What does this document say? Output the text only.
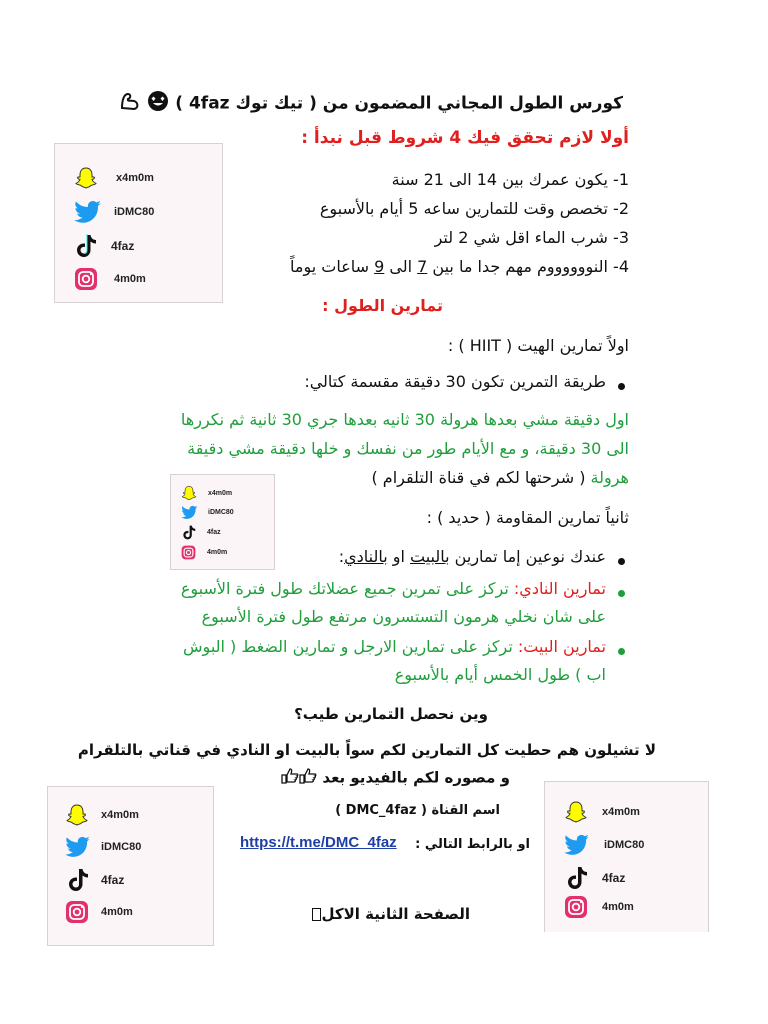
كورس الطول المجاني المضمون من ( تيك توك 4faz )
أولا لازم تحقق فيك 4 شروط قبل نبدأ :
1- يكون عمرك بين 14 الى 21 سنة
2- تخصص وقت للتمارين ساعه 5 أيام بالأسبوع
3- شرب الماء اقل شي 2 لتر
4- النووووووم مهم جدا ما بين 7 الى 9 ساعات يوماً
تمارين الطول :
اولاً تمارين الهيت ( HIIT ) :
طريقة التمرين تكون 30 دقيقة مقسمة كتالي:
اول دقيقة مشي بعدها هرولة 30 ثانيه بعدها جري 30 ثانية ثم نكررها
الى 30 دقيقة، و مع الأيام طور من نفسك و خلها دقيقة مشي دقيقة
هرولة ( شرحتها لكم في قناة التلقرام )
ثانياً تمارين المقاومة ( حديد ) :
عندك نوعين إما تمارين بالبيت او بالنادي:
تمارين النادي: تركز على تمرين جميع عضلاتك طول فترة الأسبوع
على شان نخلي هرمون التستسرون مرتفع طول فترة الأسبوع
تمارين البيت: تركز على تمارين الارجل و تمارين الضغط ( البوش
اب ) طول الخمس أيام بالأسبوع
وين نحصل التمارين طيب؟
لا تشيلون هم حطيت كل التمارين لكم سواً بالبيت او النادي في قناتي بالتلقرام
و مصوره لكم بالفيديو بعد
اسم القناة ( DMC_4faz )
او بالرابط التالي :
https://t.me/DMC_4faz
الصفحة الثانية الاكل
x4m0m
iDMC80
4faz
4m0m
x4m0m
iDMC80
4faz
4m0m
x4m0m
iDMC80
4faz
4m0m
x4m0m
iDMC80
4faz
4m0m
